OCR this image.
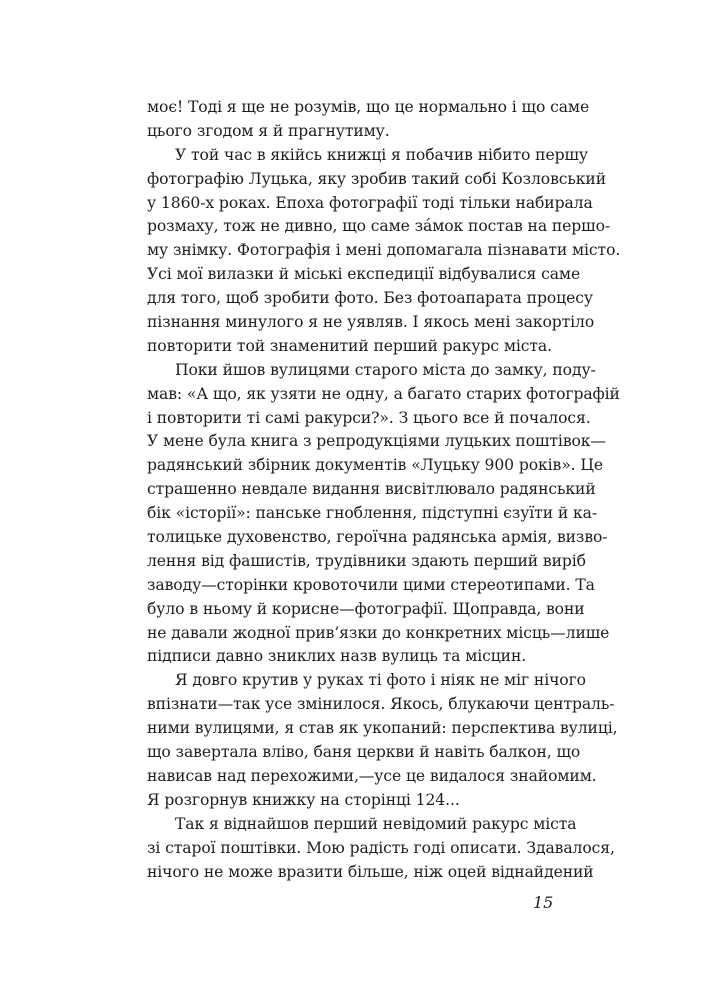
моє! Тоді я ще не розумів, що це нормально і що саме
цього згодом я й прагнутиму.
У той час в якійсь книжці я побачив нібито першу
фотографію Луцька, яку зробив такий собі Козловський
у 1860-х роках. Епоха фотографії тоді тільки набирала
розмаху, тож не дивно, що саме зáмок постав на першо-
му знімку. Фотографія і мені допомагала пізнавати місто.
Усі мої вилазки й міські експедиції відбувалися саме
для того, щоб зробити фото. Без фотоапарата процесу
пізнання минулого я не уявляв. І якось мені закортіло
повторити той знаменитий перший ракурс міста.
Поки йшов вулицями старого міста до замку, поду-
мав: «А що, як узяти не одну, а багато старих фотографій
і повторити ті самі ракурси?». З цього все й почалося.
У мене була книга з репродукціями луцьких поштівок—
радянський збірник документів «Луцьку 900 років». Це
страшенно невдале видання висвітлювало радянський
бік «історії»: панське гноблення, підступні єзуїти й ка-
толицьке духовенство, героїчна радянська армія, визво-
лення від фашистів, трудівники здають перший виріб
заводу—сторінки кровоточили цими стереотипами. Та
було в ньому й корисне—фотографії. Щоправда, вони
не давали жодної прив’язки до конкретних місць—лише
підписи давно зниклих назв вулиць та місцин.
Я довго крутив у руках ті фото і ніяк не міг нічого
впізнати—так усе змінилося. Якось, блукаючи централь-
ними вулицями, я став як укопаний: перспектива вулиці,
що завертала вліво, баня церкви й навіть балкон, що
нависав над перехожими,—усе це видалося знайомим.
Я розгорнув книжку на сторінці 124...
Так я віднайшов перший невідомий ракурс міста
зі старої поштівки. Мою радість годі описати. Здавалося,
нічого не може вразити більше, ніж оцей віднайдений
15
